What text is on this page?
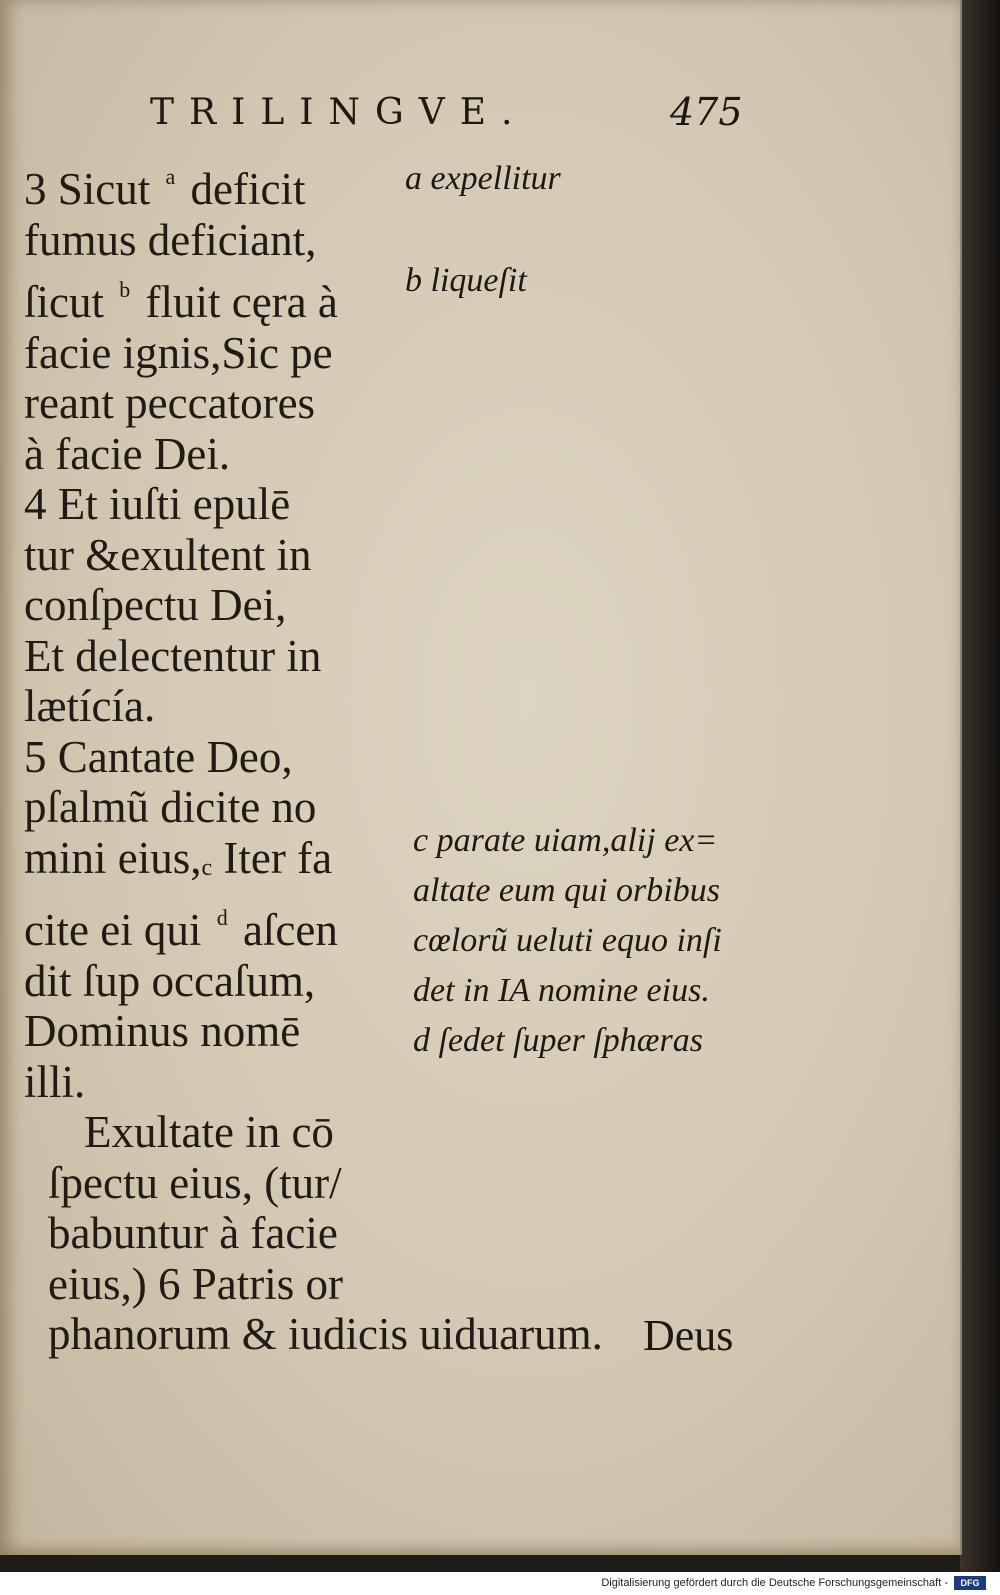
TRILINGVE.	475
3 Sicut $^a$ deficit
fumus deficiant,
ſicut $^b$ fluit cęra à
facie ignis,Sic pe
reant peccatores
à facie Dei.
4 Et iuſti epulē
tur &exultent in
conſpectu Dei,
Et delectentur in
lætícía.
5 Cantate Deo,
pſalmũ dicite no
mini eius,c Iter fa
cite ei qui $^d$ aſcen
dit ſup occaſum,
Dominus nomē
illi.
Exultate in cō
ſpectu eius, (tur/
babuntur à facie
eius,) 6 Patris or
phanorum & iudicis uiduarum.
a expellitur
b liqueſit
c parate uiam,alij ex=
altate eum qui orbibus
cœlorũ ueluti equo inſi
det in IA nomine eius.
d ſedet ſuper ſphæras
Deus
Digitalisierung gefördert durch die Deutsche Forschungsgemeinschaft -	DFG
